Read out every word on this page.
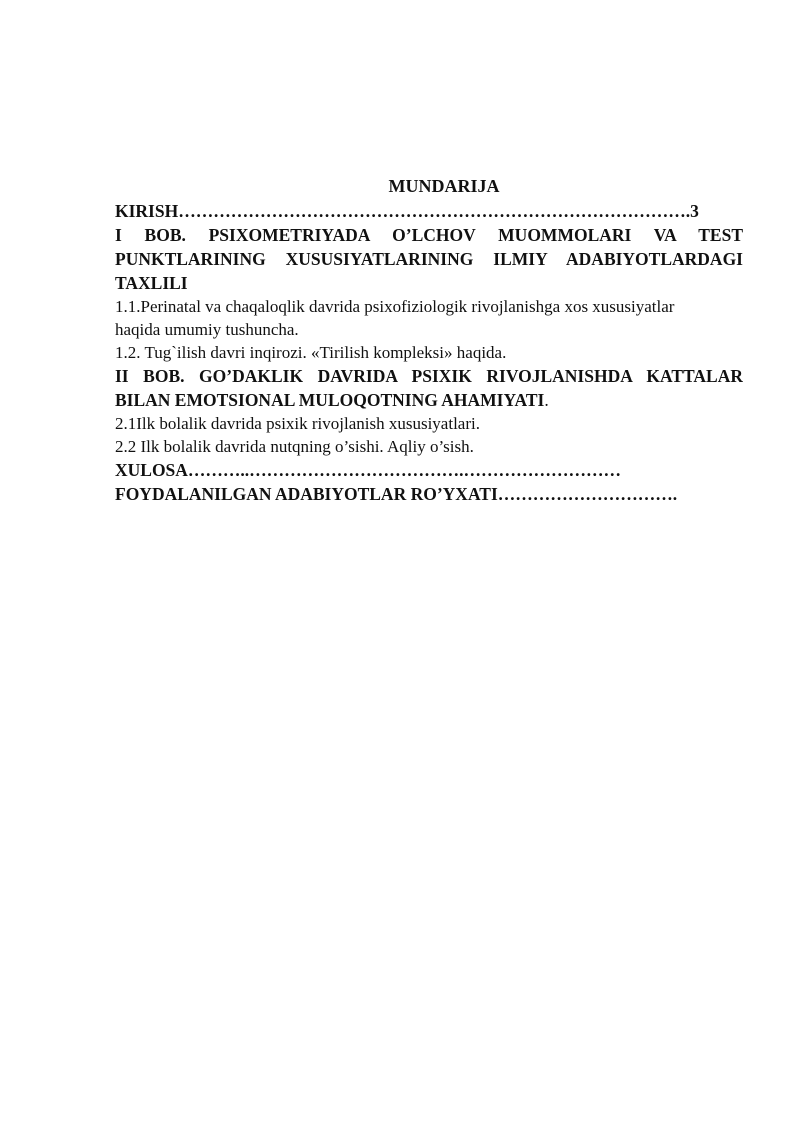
MUNDARIJA
KIRISH…………………………………………………………………………….3
I BOB. PSIXOMETRIYADA O’LCHOV MUOMMOLARI VA TEST
PUNKTLARINING XUSUSIYATLARINING ILMIY ADABIYOTLARDAGI
TAXLILI
1.1.Perinatal va chaqaloqlik davrida psixofiziologik rivojlanishga xos xususiyatlar
haqida umumiy tushuncha.
1.2. Tug`ilish davri inqirozi. «Tirilish kompleksi» haqida.
II BOB. GO’DAKLIK DAVRIDA PSIXIK RIVOJLANISHDA KATTALAR
BILAN EMOTSIONAL MULOQOTNING AHAMIYATI.
2.1Ilk bolalik davrida psixik rivojlanish xususiyatlari.
2.2 Ilk bolalik davrida nutqning o’sishi. Aqliy o’sish.
XULOSA………..……………………………….………………………
FOYDALANILGAN ADABIYOTLAR RO’YXATI………………………….
